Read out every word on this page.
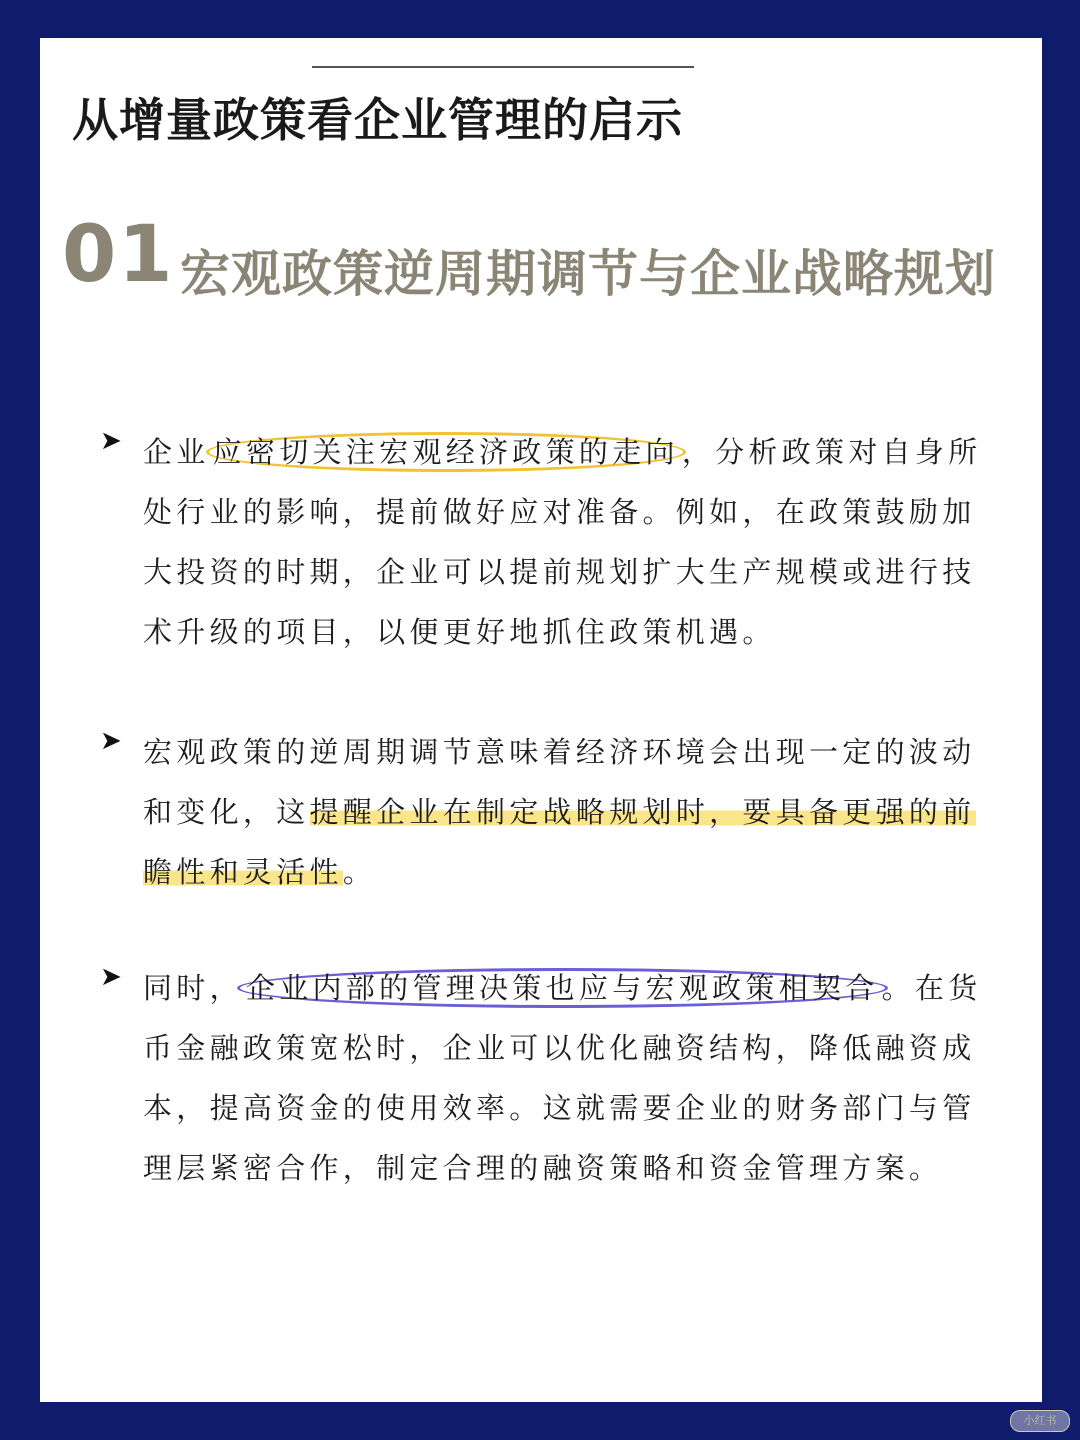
从增量政策看企业管理的启示
01 宏观政策逆周期调节与企业战略规划
➤ 企业 应密切关注宏观经济政策的走向 ，分析政策对自身所处行业的影响，提前做好应对准备。例如，在政策鼓励加大投资的时期，企业可以提前规划扩大生产规模或进行技术升级的项目，以便更好地抓住政策机遇。

➤ 宏观政策的逆周期调节意味着经济环境会出现一定的波动和变化，这提醒企业在制定战略规划时，要具备更强的前瞻性和灵活性。

➤ 同时， 企业内部的管理决策也应与宏观政策相契合 。在货币金融政策宽松时，企业可以优化融资结构，降低融资成本，提高资金的使用效率。这就需要企业的财务部门与管理层紧密合作，制定合理的融资策略和资金管理方案。

小红书
